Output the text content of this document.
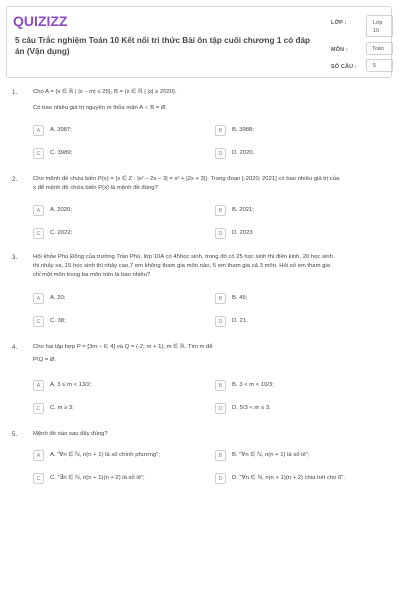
QUIZIZZ
5 câu Trắc nghiệm Toán 10 Kết nối tri thức Bài ôn tập cuối chương 1 có đáp án (Vận dụng)
LỚP :	Lớp 10
MÔN :	Toán
SỐ CÂU :	5
1.	Cho A = {x ∈ ℝ | |x – m| ≤ 25}, B = {x ∈ ℝ | |x| ≥ 2020}.
Có bao nhiêu giá trị nguyên m thỏa mãn A ∩ B = Ø.
A	A. 3987;	B	B. 3988;
C	C. 3989;	D	D. 2020.
2.	Cho mệnh đề chứa biến P(x) = {x ∈ Z : |x² – 2x – 3| = x² + |2x + 3|}. Trong đoạn [-2020; 2021] có bao nhiêu giá trị của
x để mệnh đề chứa biến P(x) là mệnh đề đúng?
A	A. 2020;	B	B. 2021;
C	C. 2022;	D	D. 2023
3.	Hội khỏe Phù Đổng của trường Trần Phú, lớp 10A có 45học sinh, trong đó có 25 học sinh thi điền kinh, 20 học sinh
thi nhảy xa, 15 học sinh thi nhảy cao,7 em không tham gia môn nào, 5 em tham gia cả 3 môn. Hỏi số em tham gia
chỉ một môn trong ba môn trên là bao nhiêu?
A	A. 20;	B	B. 45;
C	C. 38;	D	D. 21.
4.	Cho hai tập hợp P = [3m – 6; 4] và Q = (-2; m + 1), m ∈ ℝ. Tìm m để
P\Q = Ø.
A	A. 3 ≤ m < 13/2;	B	B. 3 < m < 10/3;
C	C. m ≥ 3;	D	D. 5/3 < m ≤ 3.
5.	Mệnh đề nào sau đây đúng?
A	A. "∀n ∈ ℕ, n(n + 1) là số chính phương";	B	B. "∀n ∈ ℕ, n(n + 1) là số lẻ";
C	C. "∃n ∈ ℕ, n(n + 1)(n + 2) là số lẻ";	D	D. "∀n ∈ ℕ, n(n + 1)(n + 2) chia hết cho 6".
